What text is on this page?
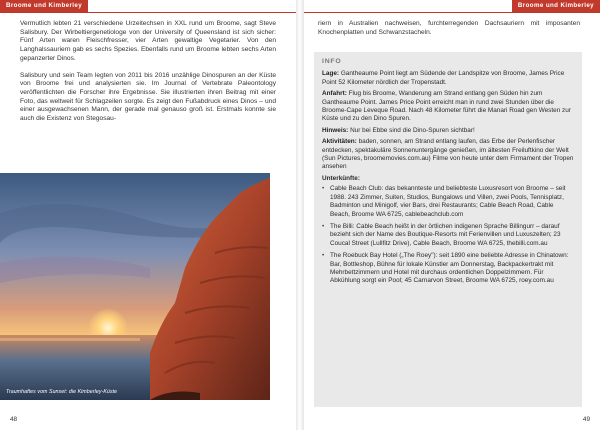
Broome und Kimberley

Vermutlich lebten 21 verschiedene Urzeitechsen in XXL rund um Broome, sagt Steve Salisbury. Der Wirbeltiergenetiologe von der University of Queensland ist sich sicher: Fünf Arten waren Fleischfresser, vier Arten gewaltige Vegetarier. Von den Langhalssauriern gab es sechs Spezies. Ebenfalls rund um Broome lebten sechs Arten gepanzerter Dinos.

Salisbury und sein Team legten von 2011 bis 2016 unzählige Dinospuren an der Küste von Broome frei und analysierten sie. Im Journal of Vertebrate Paleontology veröffentlichten die Forscher ihre Ergebnisse. Sie illustrierten ihren Beitrag mit einer Foto, das weltweit für Schlagzeilen sorgte. Es zeigt den Fußabdruck eines Dinos – und einer ausgewachsenen Mann, der gerade mal genauso groß ist. Erstmals konnte sie auch die Existenz von Stegosau-

Traumhaftes vom Sunset: die Kimberley-Küste
48
Broome und Kimberley
riern in Australien nachweisen, furchterregenden Dachsauriern mit imposanten Knochenplatten und Schwanzstacheln.
INFO

Lage: Gantheaume Point liegt am Südende der Landspitze von Broome, James Price Point 52 Kilometer nördlich der Tropenstadt.

Anfahrt: Flug bis Broome, Wanderung am Strand entlang gen Süden hin zum Gantheaume Point. James Price Point erreicht man in rund zwei Stunden über die Broome-Cape Leveque Road. Nach 48 Kilometer führt die Manari Road gen Westen zur Küste und zu den Dino Spuren.

Hinweis: Nur bei Ebbe sind die Dino-Spuren sichtbar!

Aktivitäten: baden, sonnen, am Strand entlang laufen, das Erbe der Perlenfischer entdecken, spektakuläre Sonnenuntergänge genießen, im ältesten Freiluftkino der Welt (Sun Pictures, broomemovies.com.au) Filme von heute unter dem Firmament der Tropen ansehen

Unterkünfte:
• Cable Beach Club: das bekannteste und beliebteste Luxusresort von Broome – seit 1988. 243 Zimmer, Suiten, Studios, Bungalows und Villen, zwei Pools, Tennisplatz, Badminton und Minigolf, vier Bars, drei Restaurants; Cable Beach Road, Cable Beach, Broome WA 6725, cablebeachclub.com
• The Billi: Cable Beach heißt in der örtlichen indigenen Sprache Billingurr – darauf bezieht sich der Name des Boutique-Resorts mit Ferienvillen und Luxuszelten; 23 Coucal Street (Lullfitz Drive), Cable Beach, Broome WA 6725, thebilli.com.au
• The Roebuck Bay Hotel („The Roey"): seit 1890 eine beliebte Adresse in Chinatown: Bar, Bottleshop, Bühne für lokale Künstler am Donnerstag, Backpackertrakt mit Mehrbettzimmern und Hotel mit durchaus ordentlichen Doppelzimmern. Für Abkühlung sorgt ein Pool; 45 Carnarvon Street, Broome WA 6725, roey.com.au
49
